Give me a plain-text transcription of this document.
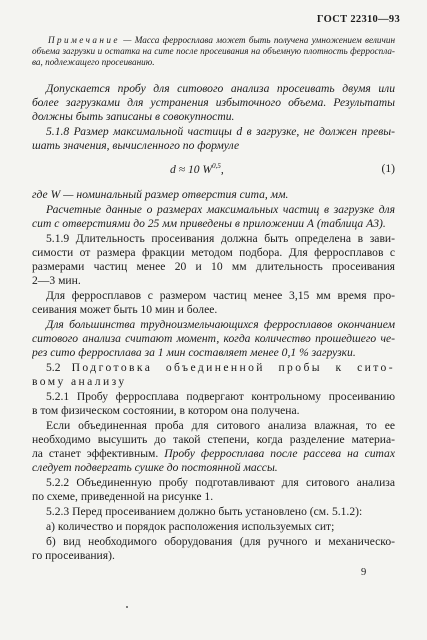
ГОСТ 22310—93
Примечание — Масса ферросплава может быть получена умножением величин
объема загрузки и остатка на сите после просеивания на объемную плотность ферроспла-
ва, подлежащего просеиванию.
Допускается пробу для ситового анализа просеивать двумя или
более загрузками для устранения избыточного объема. Результаты
должны быть записаны в совокупности.
5.1.8 Размер максимальной частицы d в загрузке, не должен превы-
шать значения, вычисленного по формуле
d ≈ 10 W$^{0,5}$,	(1)
где W — номинальный размер отверстия сита, мм.
Расчетные данные о размерах максимальных частиц в загрузке для
сит с отверстиями до 25 мм приведены в приложении А (таблица А3).
5.1.9 Длительность просеивания должна быть определена в зави-
симости от размера фракции методом подбора. Для ферросплавов с
размерами частиц менее 20 и 10 мм длительность просеивания
2—3 мин.
Для ферросплавов с размером частиц менее 3,15 мм время про-
сеивания может быть 10 мин и более.
Для большинства трудноизмельчающихся ферросплавов окончанием
ситового анализа считают момент, когда количество прошедшего че-
рез сито ферросплава за 1 мин составляет менее 0,1 % загрузки.
5.2 Подготовка объединенной пробы к сито-
вому анализу
5.2.1 Пробу ферросплава подвергают контрольному просеиванию
в том физическом состоянии, в котором она получена.
Если объединенная проба для ситового анализа влажная, то ее
необходимо высушить до такой степени, когда разделение материа-
ла станет эффективным. Пробу ферросплава после рассева на ситах
следует подвергать сушке до постоянной массы.
5.2.2 Объединенную пробу подготавливают для ситового анализа
по схеме, приведенной на рисунке 1.
5.2.3 Перед просеиванием должно быть установлено (см. 5.1.2):
а) количество и порядок расположения используемых сит;
б) вид необходимого оборудования (для ручного и механическо-
го просеивания).
9
